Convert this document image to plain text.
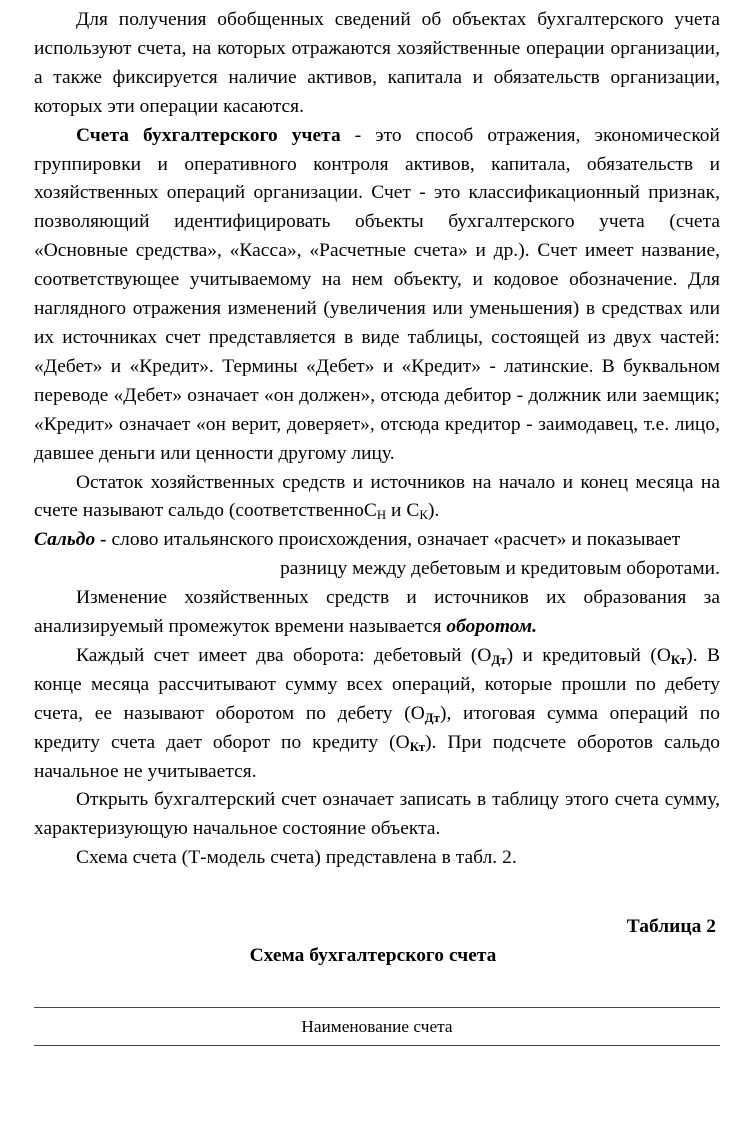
Для получения обобщенных сведений об объектах бухгалтерского учета используют счета, на которых отражаются хозяйственные операции организации, а также фиксируется наличие активов, капитала и обязательств организации, которых эти операции касаются.

Счета бухгалтерского учета - это способ отражения, экономической группировки и оперативного контроля активов, капитала, обязательств и хозяйственных операций организации. Счет - это классификационный признак, позволяющий идентифицировать объекты бухгалтерского учета (счета «Основные средства», «Касса», «Расчетные счета» и др.). Счет имеет название, соответствующее учитываемому на нем объекту, и кодовое обозначение. Для наглядного отражения изменений (увеличения или уменьшения) в средствах или их источниках счет представляется в виде таблицы, состоящей из двух частей: «Дебет» и «Кредит». Термины «Дебет» и «Кредит» - латинские. В буквальном переводе «Дебет» означает «он должен», отсюда дебитор - должник или заемщик; «Кредит» означает «он верит, доверяет», отсюда кредитор - заимодавец, т.е. лицо, давшее деньги или ценности другому лицу.

Остаток хозяйственных средств и источников на начало и конец месяца на счете называют сальдо (соответственноС$_Н$ и $С_К$).

Сальдо - слово итальянского происхождения, означает «расчет» и показывает
разницу между дебетовым и кредитовым оборотами.

Изменение хозяйственных средств и источников их образования за анализируемый промежуток времени называется оборотом.

Каждый счет имеет два оборота: дебетовый $(О_{Дт})$ и кредитовый $(О_{Кт})$. В конце месяца рассчитывают сумму всех операций, которые прошли по дебету счета, ее называют оборотом по дебету $(О_{Дт})$, итоговая сумма операций по кредиту счета дает оборот по кредиту $(О_{Кт})$. При подсчете оборотов сальдо начальное не учитывается.

Открыть бухгалтерский счет означает записать в таблицу этого счета сумму, характеризующую начальное состояние объекта.

Схема счета (Т-модель счета) представлена в табл. 2.

Таблица 2

Схема бухгалтерского счета

Наименование счета
